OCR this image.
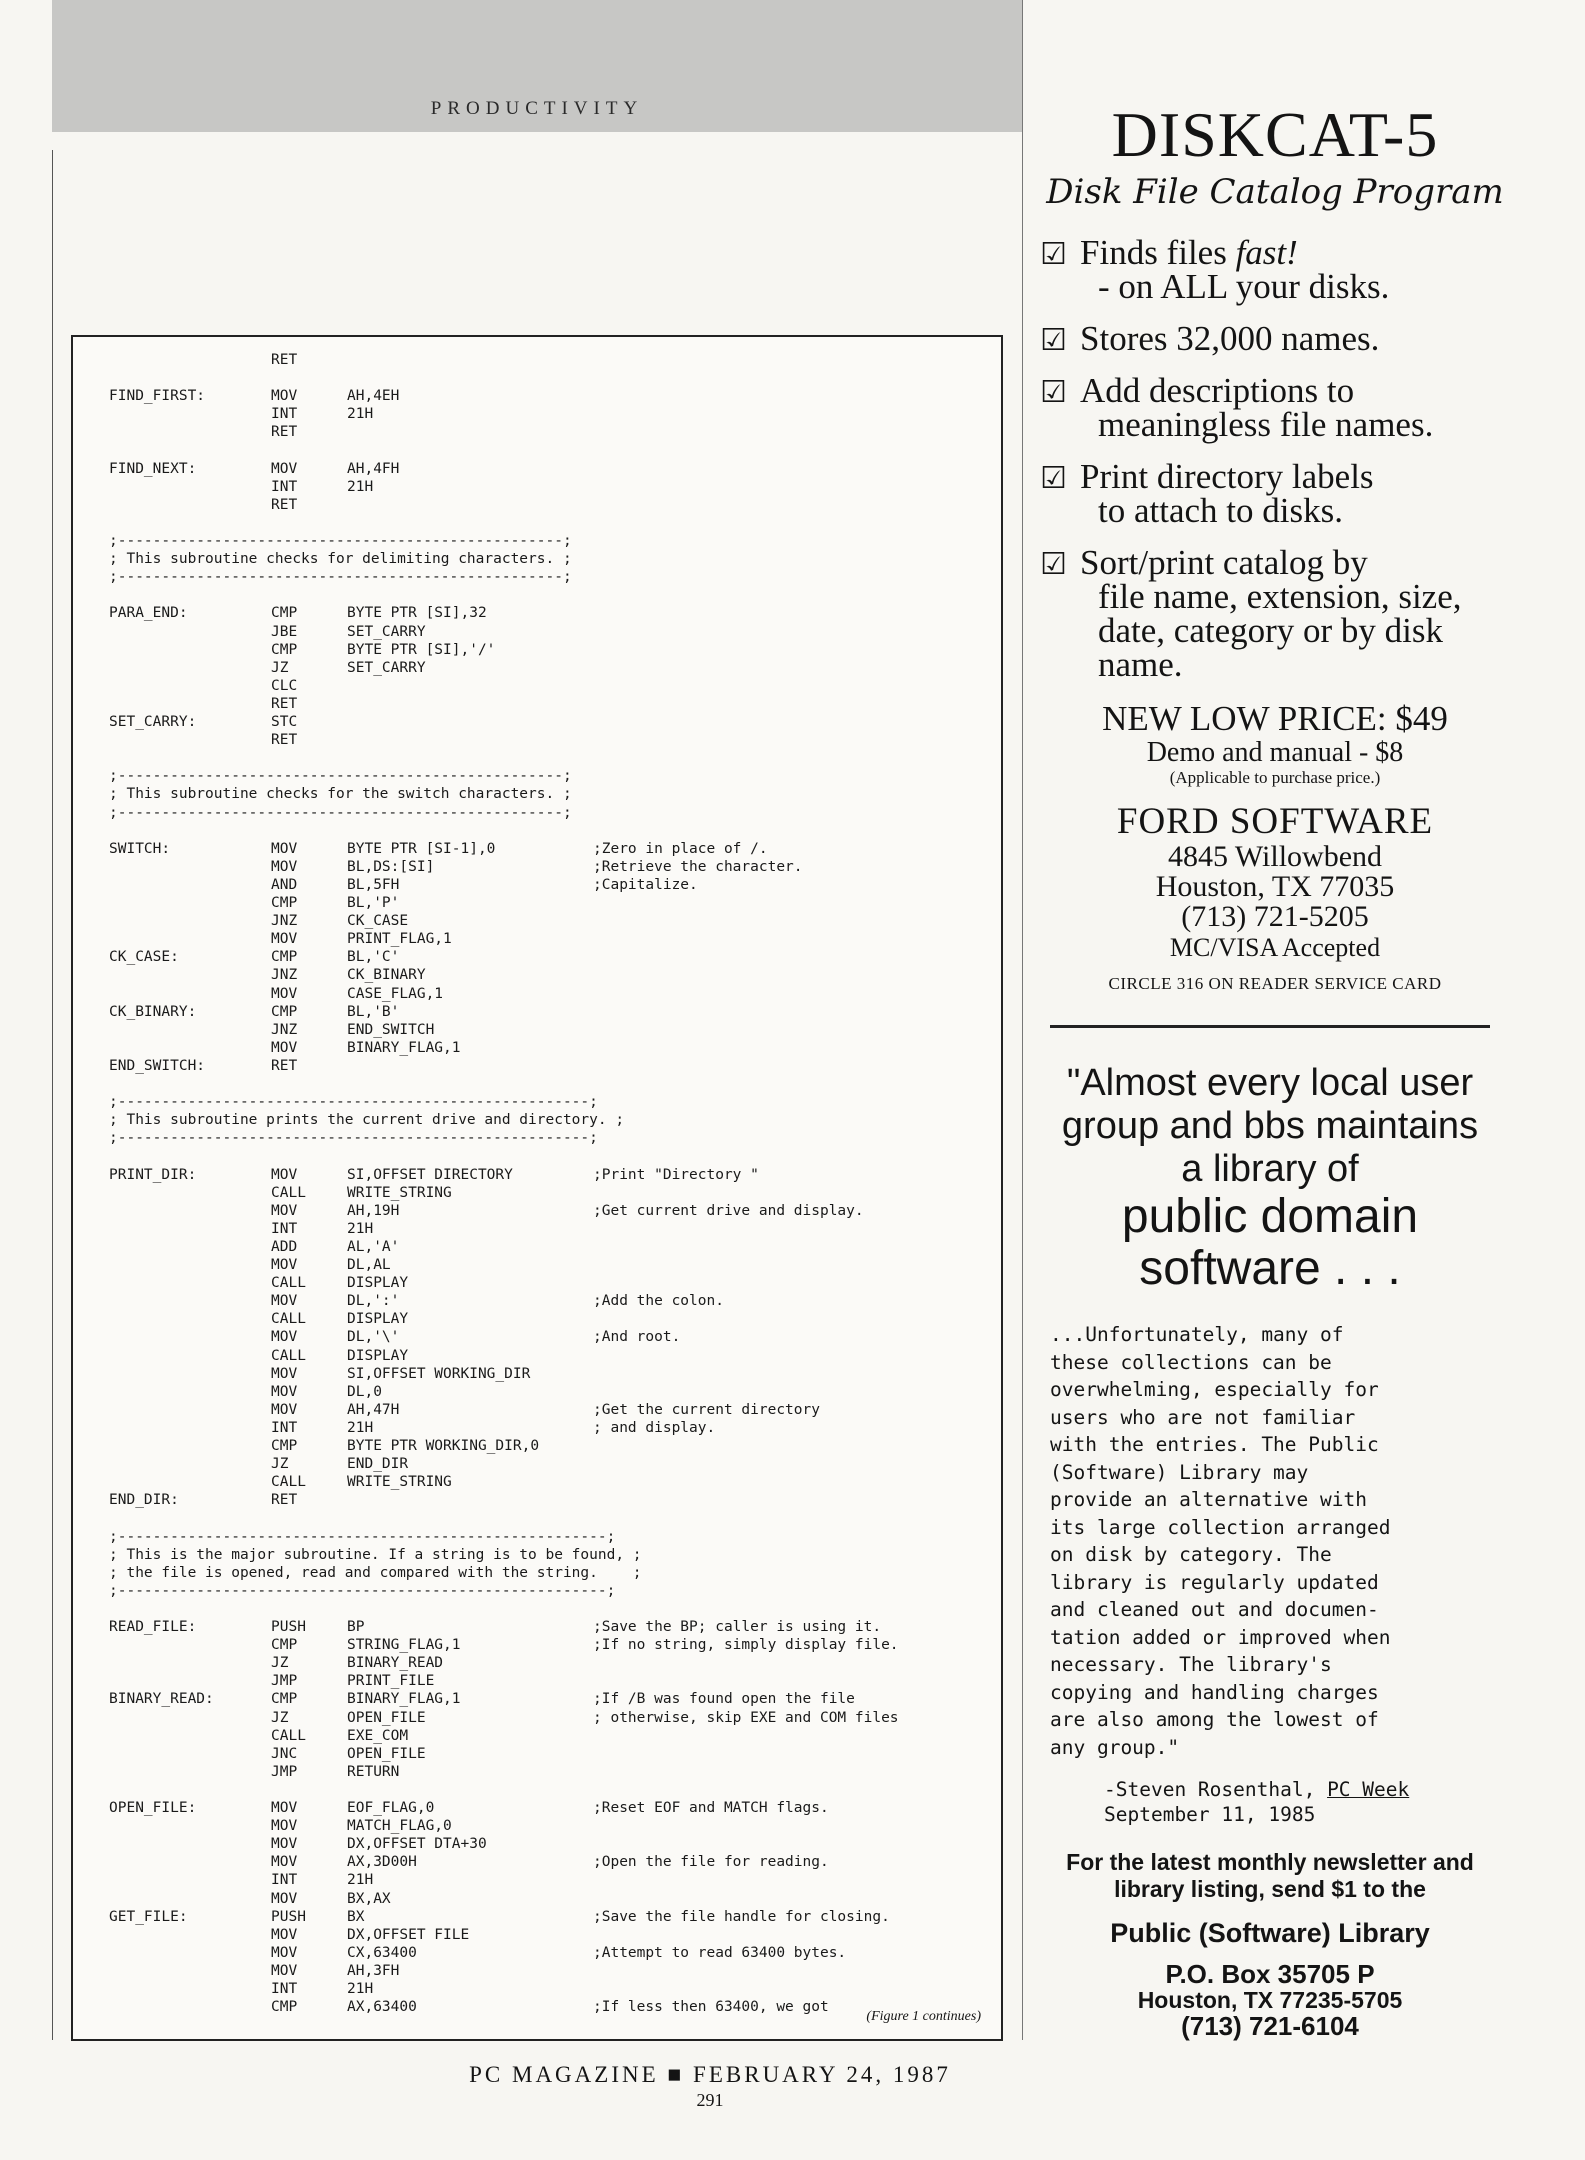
PRODUCTIVITY
RET
FIND_FIRST:	MOV	AH,4EH
INT	21H
RET
FIND_NEXT:	MOV	AH,4FH
INT	21H
RET
;---------------------------------------------------;
; This subroutine checks for delimiting characters. ;
;---------------------------------------------------;
PARA_END:	CMP	BYTE PTR [SI],32
JBE	SET_CARRY
CMP	BYTE PTR [SI],'/'
JZ	SET_CARRY
CLC
RET
SET_CARRY:	STC
RET
;---------------------------------------------------;
; This subroutine checks for the switch characters. ;
;---------------------------------------------------;
SWITCH:	MOV	BYTE PTR [SI-1],0	;Zero in place of /.
MOV	BL,DS:[SI]	;Retrieve the character.
AND	BL,5FH	;Capitalize.
CMP	BL,'P'
JNZ	CK_CASE
MOV	PRINT_FLAG,1
CK_CASE:	CMP	BL,'C'
JNZ	CK_BINARY
MOV	CASE_FLAG,1
CK_BINARY:	CMP	BL,'B'
JNZ	END_SWITCH
MOV	BINARY_FLAG,1
END_SWITCH:	RET
;------------------------------------------------------;
; This subroutine prints the current drive and directory. ;
;------------------------------------------------------;
PRINT_DIR:	MOV	SI,OFFSET DIRECTORY	;Print "Directory "
CALL	WRITE_STRING
MOV	AH,19H	;Get current drive and display.
INT	21H
ADD	AL,'A'
MOV	DL,AL
CALL	DISPLAY
MOV	DL,':'	;Add the colon.
CALL	DISPLAY
MOV	DL,'\'	;And root.
CALL	DISPLAY
MOV	SI,OFFSET WORKING_DIR
MOV	DL,0
MOV	AH,47H	;Get the current directory
INT	21H	; and display.
CMP	BYTE PTR WORKING_DIR,0
JZ	END_DIR
CALL	WRITE_STRING
END_DIR:	RET
;--------------------------------------------------------;
; This is the major subroutine. If a string is to be found, ;
; the file is opened, read and compared with the string.    ;
;--------------------------------------------------------;
READ_FILE:	PUSH	BP	;Save the BP; caller is using it.
CMP	STRING_FLAG,1	;If no string, simply display file.
JZ	BINARY_READ
JMP	PRINT_FILE
BINARY_READ:	CMP	BINARY_FLAG,1	;If /B was found open the file
JZ	OPEN_FILE	; otherwise, skip EXE and COM files
CALL	EXE_COM
JNC	OPEN_FILE
JMP	RETURN
OPEN_FILE:	MOV	EOF_FLAG,0	;Reset EOF and MATCH flags.
MOV	MATCH_FLAG,0
MOV	DX,OFFSET DTA+30
MOV	AX,3D00H	;Open the file for reading.
INT	21H
MOV	BX,AX
GET_FILE:	PUSH	BX	;Save the file handle for closing.
MOV	DX,OFFSET FILE
MOV	CX,63400	;Attempt to read 63400 bytes.
MOV	AH,3FH
INT	21H
CMP	AX,63400	;If less then 63400, we got
(Figure 1 continues)
DISKCAT-5
Disk File Catalog Program
☑ Finds files fast!
- on ALL your disks.
☑ Stores 32,000 names.
☑ Add descriptions to
meaningless file names.
☑ Print directory labels
to attach to disks.
☑ Sort/print catalog by
file name, extension, size, date, category or by disk name.
NEW LOW PRICE: $49
Demo and manual - $8
(Applicable to purchase price.)
FORD SOFTWARE
4845 Willowbend
Houston, TX 77035
(713) 721-5205
MC/VISA Accepted
CIRCLE 316 ON READER SERVICE CARD
"Almost every local user group and bbs maintains a library of
public domain software . . .
...Unfortunately, many of
these collections can be
overwhelming, especially for
users who are not familiar
with the entries. The Public
(Software) Library may
provide an alternative with
its large collection arranged
on disk by category. The
library is regularly updated
and cleaned out and documen-
tation added or improved when
necessary. The library's
copying and handling charges
are also among the lowest of
any group."
-Steven Rosenthal, PC Week
September 11, 1985
For the latest monthly newsletter and library listing, send $1 to the
Public (Software) Library
P.O. Box 35705 P
Houston, TX 77235-5705
(713) 721-6104
PC MAGAZINE ■ FEBRUARY 24, 1987
291
